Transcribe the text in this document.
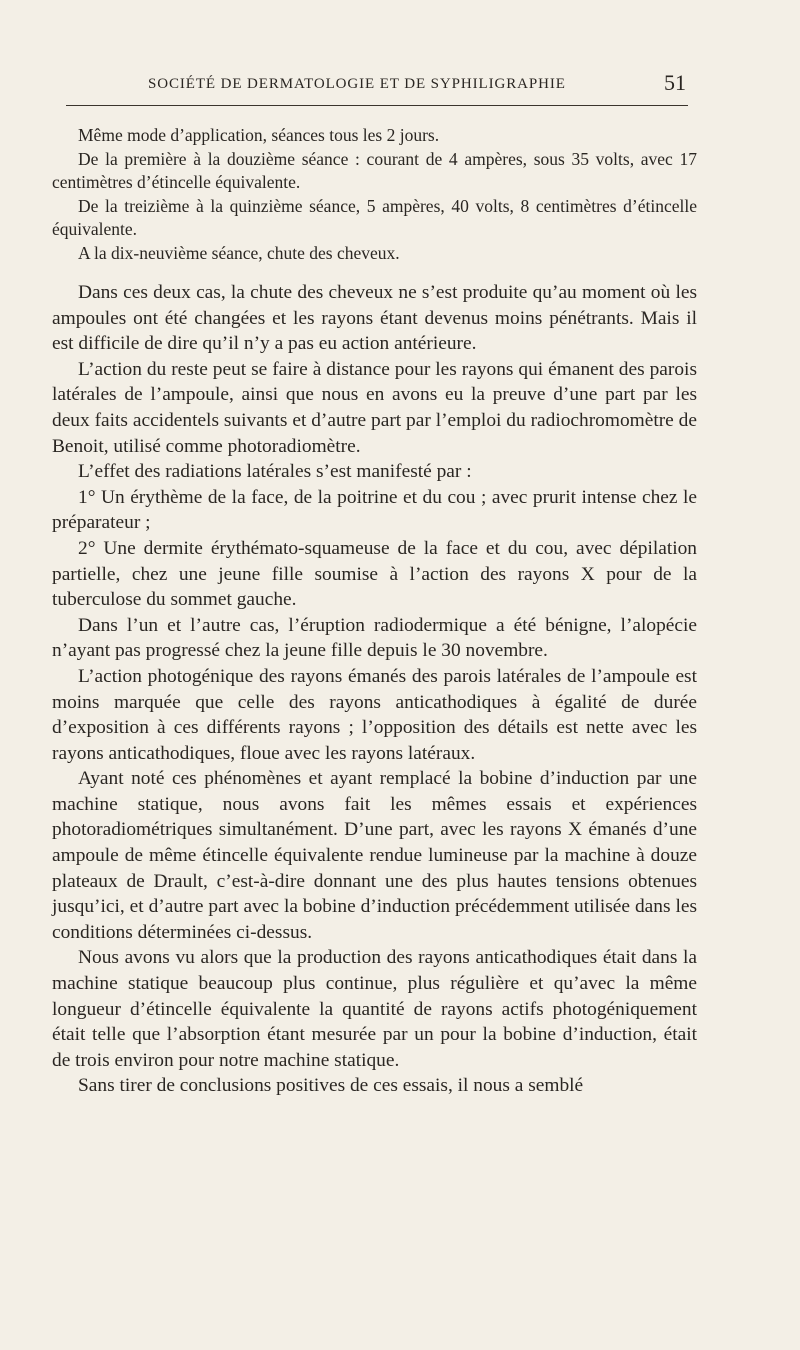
SOCIÉTÉ DE DERMATOLOGIE ET DE SYPHILIGRAPHIE	51

Même mode d’application, séances tous les 2 jours.

De la première à la douzième séance : courant de 4 ampères, sous 35 volts, avec 17 centimètres d’étincelle équivalente.

De la treizième à la quinzième séance, 5 ampères, 40 volts, 8 centimètres d’étincelle équivalente.

A la dix-neuvième séance, chute des cheveux.

Dans ces deux cas, la chute des cheveux ne s’est produite qu’au moment où les ampoules ont été changées et les rayons étant devenus moins pénétrants. Mais il est difficile de dire qu’il n’y a pas eu action antérieure.

L’action du reste peut se faire à distance pour les rayons qui émanent des parois latérales de l’ampoule, ainsi que nous en avons eu la preuve d’une part par les deux faits accidentels suivants et d’autre part par l’emploi du radiochromomètre de Benoit, utilisé comme photoradiomètre.

L’effet des radiations latérales s’est manifesté par :

1° Un érythème de la face, de la poitrine et du cou ; avec prurit intense chez le préparateur ;

2° Une dermite érythémato-squameuse de la face et du cou, avec dépilation partielle, chez une jeune fille soumise à l’action des rayons X pour de la tuberculose du sommet gauche.

Dans l’un et l’autre cas, l’éruption radiodermique a été bénigne, l’alopécie n’ayant pas progressé chez la jeune fille depuis le 30 novembre.

L’action photogénique des rayons émanés des parois latérales de l’ampoule est moins marquée que celle des rayons anticathodiques à égalité de durée d’exposition à ces différents rayons ; l’opposition des détails est nette avec les rayons anticathodiques, floue avec les rayons latéraux.

Ayant noté ces phénomènes et ayant remplacé la bobine d’induction par une machine statique, nous avons fait les mêmes essais et expériences photoradiométriques simultanément. D’une part, avec les rayons X émanés d’une ampoule de même étincelle équivalente rendue lumineuse par la machine à douze plateaux de Drault, c’est-à-dire donnant une des plus hautes tensions obtenues jusqu’ici, et d’autre part avec la bobine d’induction précédemment utilisée dans les conditions déterminées ci-dessus.

Nous avons vu alors que la production des rayons anticathodiques était dans la machine statique beaucoup plus continue, plus régulière et qu’avec la même longueur d’étincelle équivalente la quantité de rayons actifs photogéniquement était telle que l’absorption étant mesurée par un pour la bobine d’induction, était de trois environ pour notre machine statique.

Sans tirer de conclusions positives de ces essais, il nous a semblé
